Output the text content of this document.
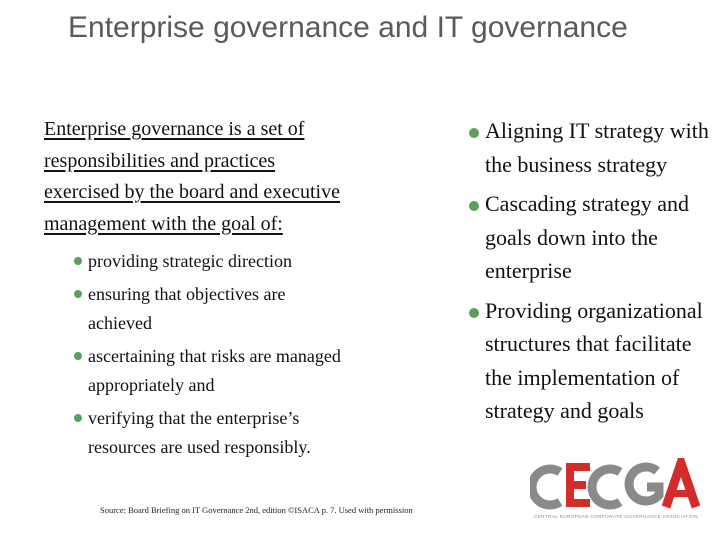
Enterprise governance and IT governance

Enterprise governance is a set of responsibilities and practices exercised by the board and executive management with the goal of:

providing strategic direction
ensuring that objectives are achieved
ascertaining that risks are managed appropriately and
verifying that the enterprise’s resources are used responsibly.
Aligning IT strategy with the business strategy
Cascading strategy and goals down into the enterprise
Providing organizational structures that facilitate the implementation of strategy and goals
Source: Board Briefing on IT Governance 2nd, edition ©ISACA p. 7. Used with permission
CENTRAL EUROPEAN CORPORATE GOVERNANCE ASSOCIATION
